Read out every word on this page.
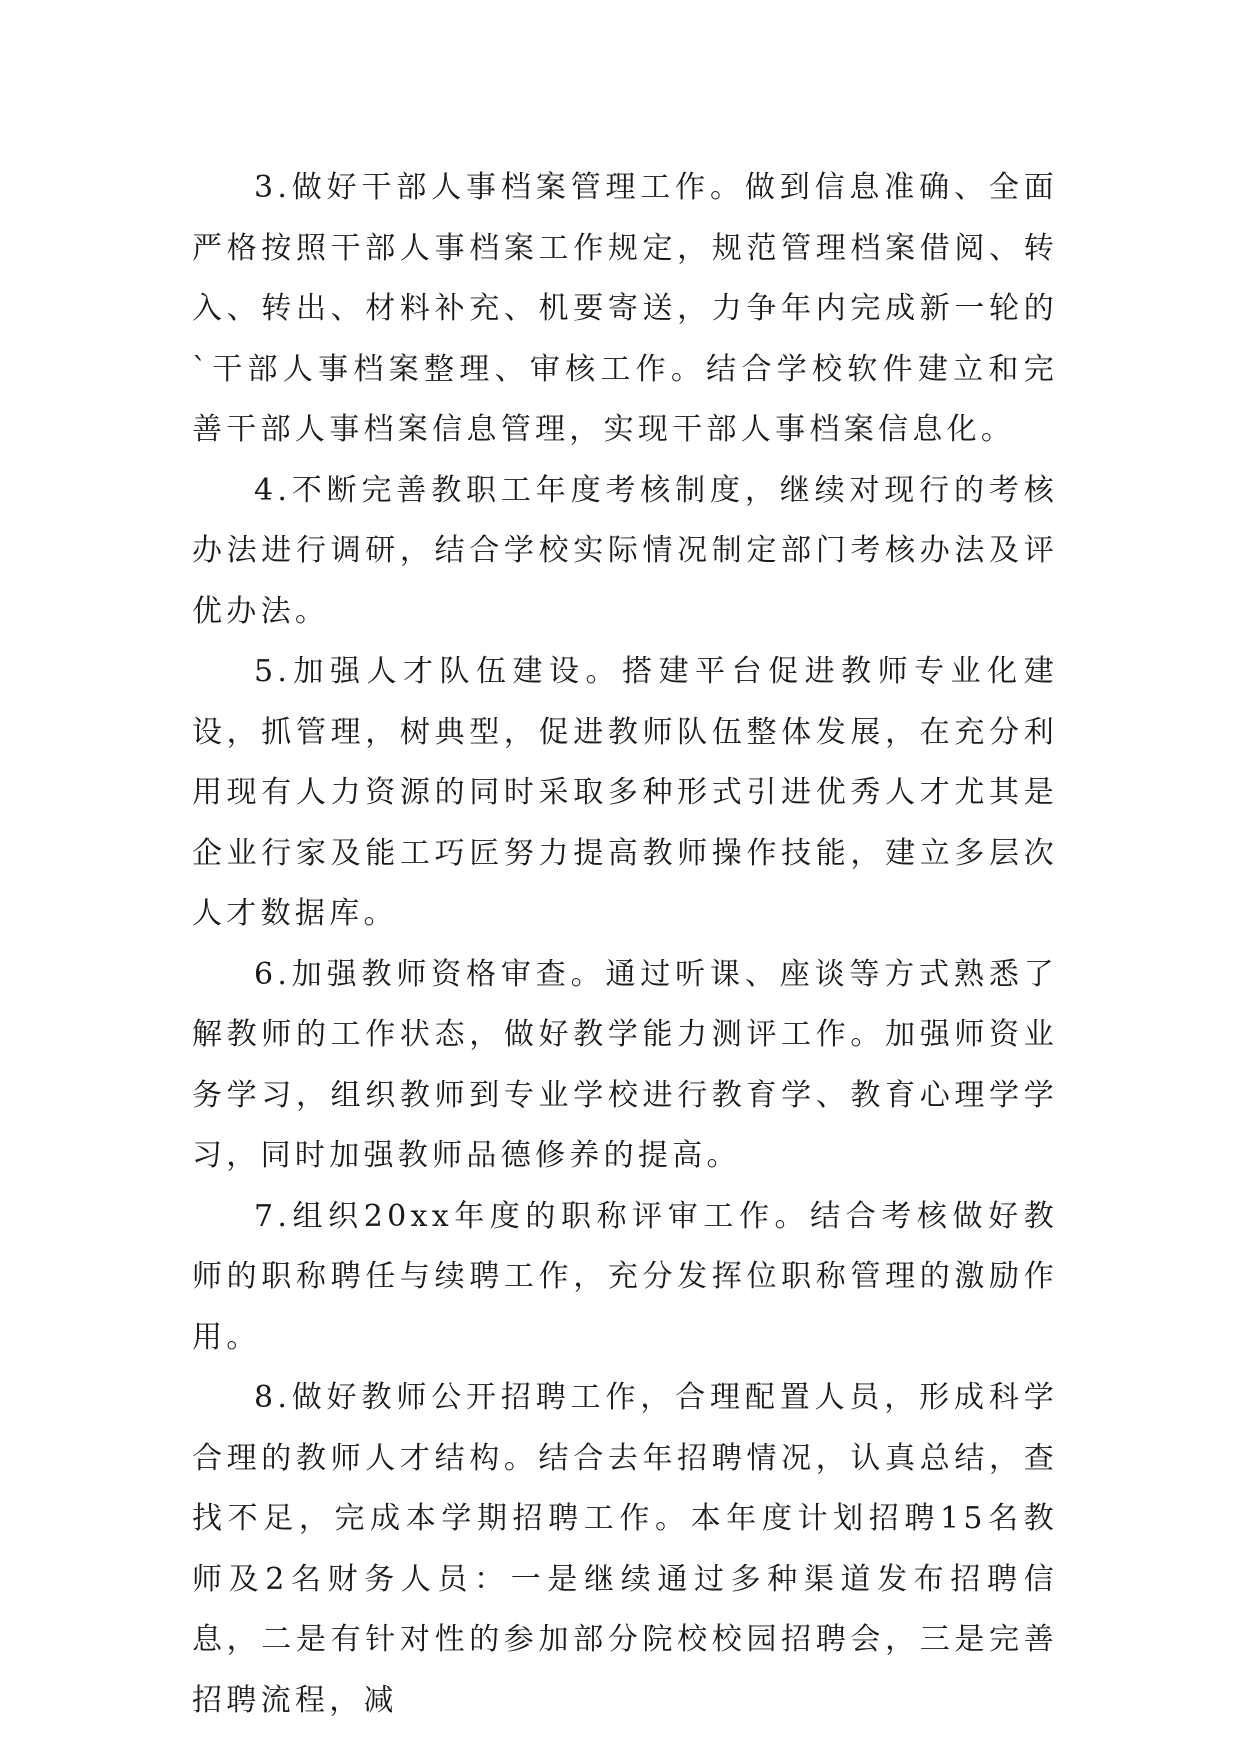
3.做好干部人事档案管理工作。做到信息准确、全面严格按照干部人事档案工作规定，规范管理档案借阅、转入、转出、材料补充、机要寄送，力争年内完成新一轮的`干部人事档案整理、审核工作。结合学校软件建立和完善干部人事档案信息管理，实现干部人事档案信息化。

4.不断完善教职工年度考核制度，继续对现行的考核办法进行调研，结合学校实际情况制定部门考核办法及评优办法。

5.加强人才队伍建设。搭建平台促进教师专业化建设，抓管理，树典型，促进教师队伍整体发展，在充分利用现有人力资源的同时采取多种形式引进优秀人才尤其是企业行家及能工巧匠努力提高教师操作技能，建立多层次人才数据库。

6.加强教师资格审查。通过听课、座谈等方式熟悉了解教师的工作状态，做好教学能力测评工作。加强师资业务学习，组织教师到专业学校进行教育学、教育心理学学习，同时加强教师品德修养的提高。

7.组织20xx年度的职称评审工作。结合考核做好教师的职称聘任与续聘工作，充分发挥位职称管理的激励作用。

8.做好教师公开招聘工作，合理配置人员，形成科学合理的教师人才结构。结合去年招聘情况，认真总结，查找不足，完成本学期招聘工作。本年度计划招聘15名教师及2名财务人员：一是继续通过多种渠道发布招聘信息，二是有针对性的参加部分院校校园招聘会，三是完善招聘流程，减
